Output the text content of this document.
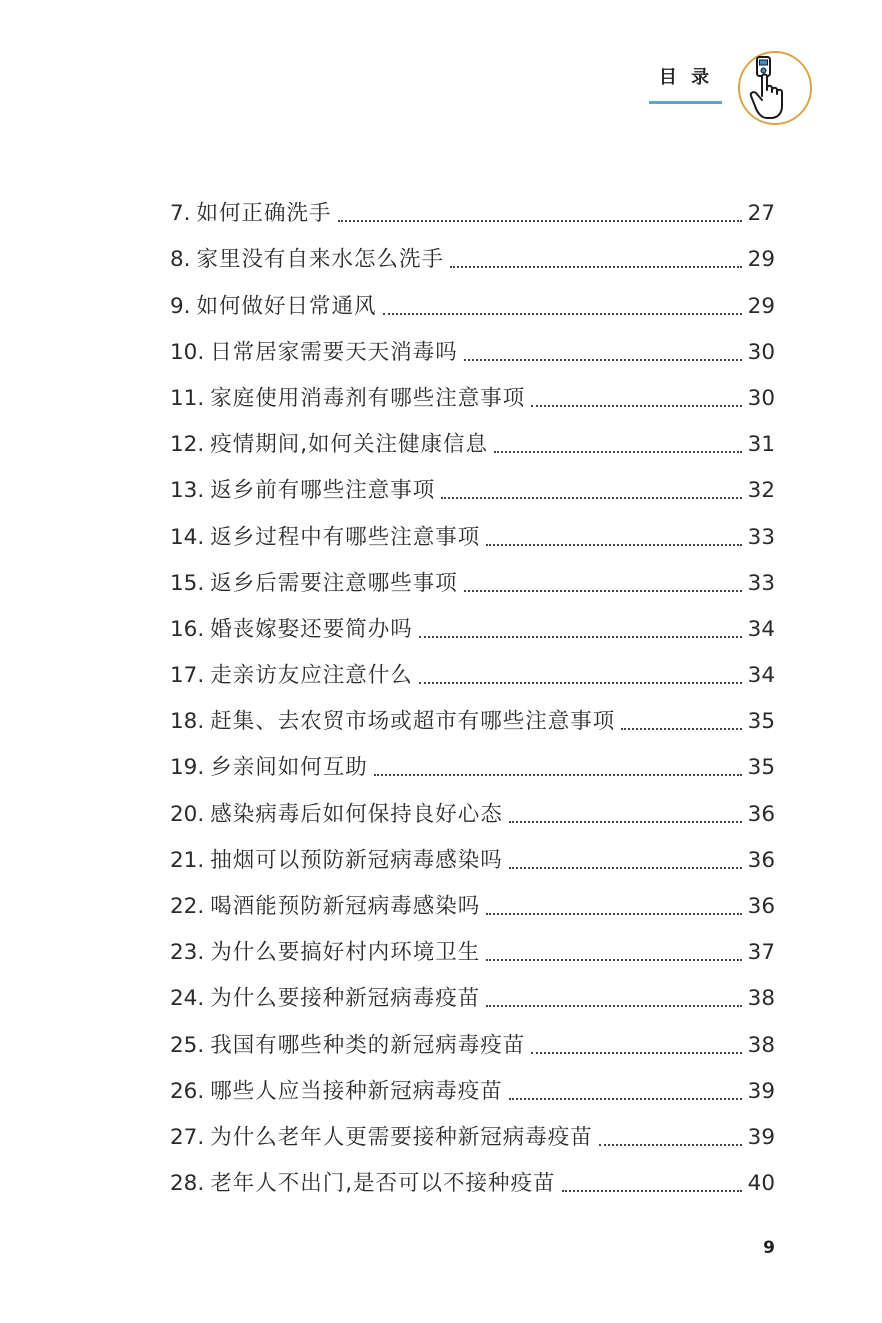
目 录
7. 如何正确洗手	27
8. 家里没有自来水怎么洗手	29
9. 如何做好日常通风	29
10. 日常居家需要天天消毒吗	30
11. 家庭使用消毒剂有哪些注意事项	30
12. 疫情期间,如何关注健康信息	31
13. 返乡前有哪些注意事项	32
14. 返乡过程中有哪些注意事项	33
15. 返乡后需要注意哪些事项	33
16. 婚丧嫁娶还要简办吗	34
17. 走亲访友应注意什么	34
18. 赶集、去农贸市场或超市有哪些注意事项	35
19. 乡亲间如何互助	35
20. 感染病毒后如何保持良好心态	36
21. 抽烟可以预防新冠病毒感染吗	36
22. 喝酒能预防新冠病毒感染吗	36
23. 为什么要搞好村内环境卫生	37
24. 为什么要接种新冠病毒疫苗	38
25. 我国有哪些种类的新冠病毒疫苗	38
26. 哪些人应当接种新冠病毒疫苗	39
27. 为什么老年人更需要接种新冠病毒疫苗	39
28. 老年人不出门,是否可以不接种疫苗	40
9
